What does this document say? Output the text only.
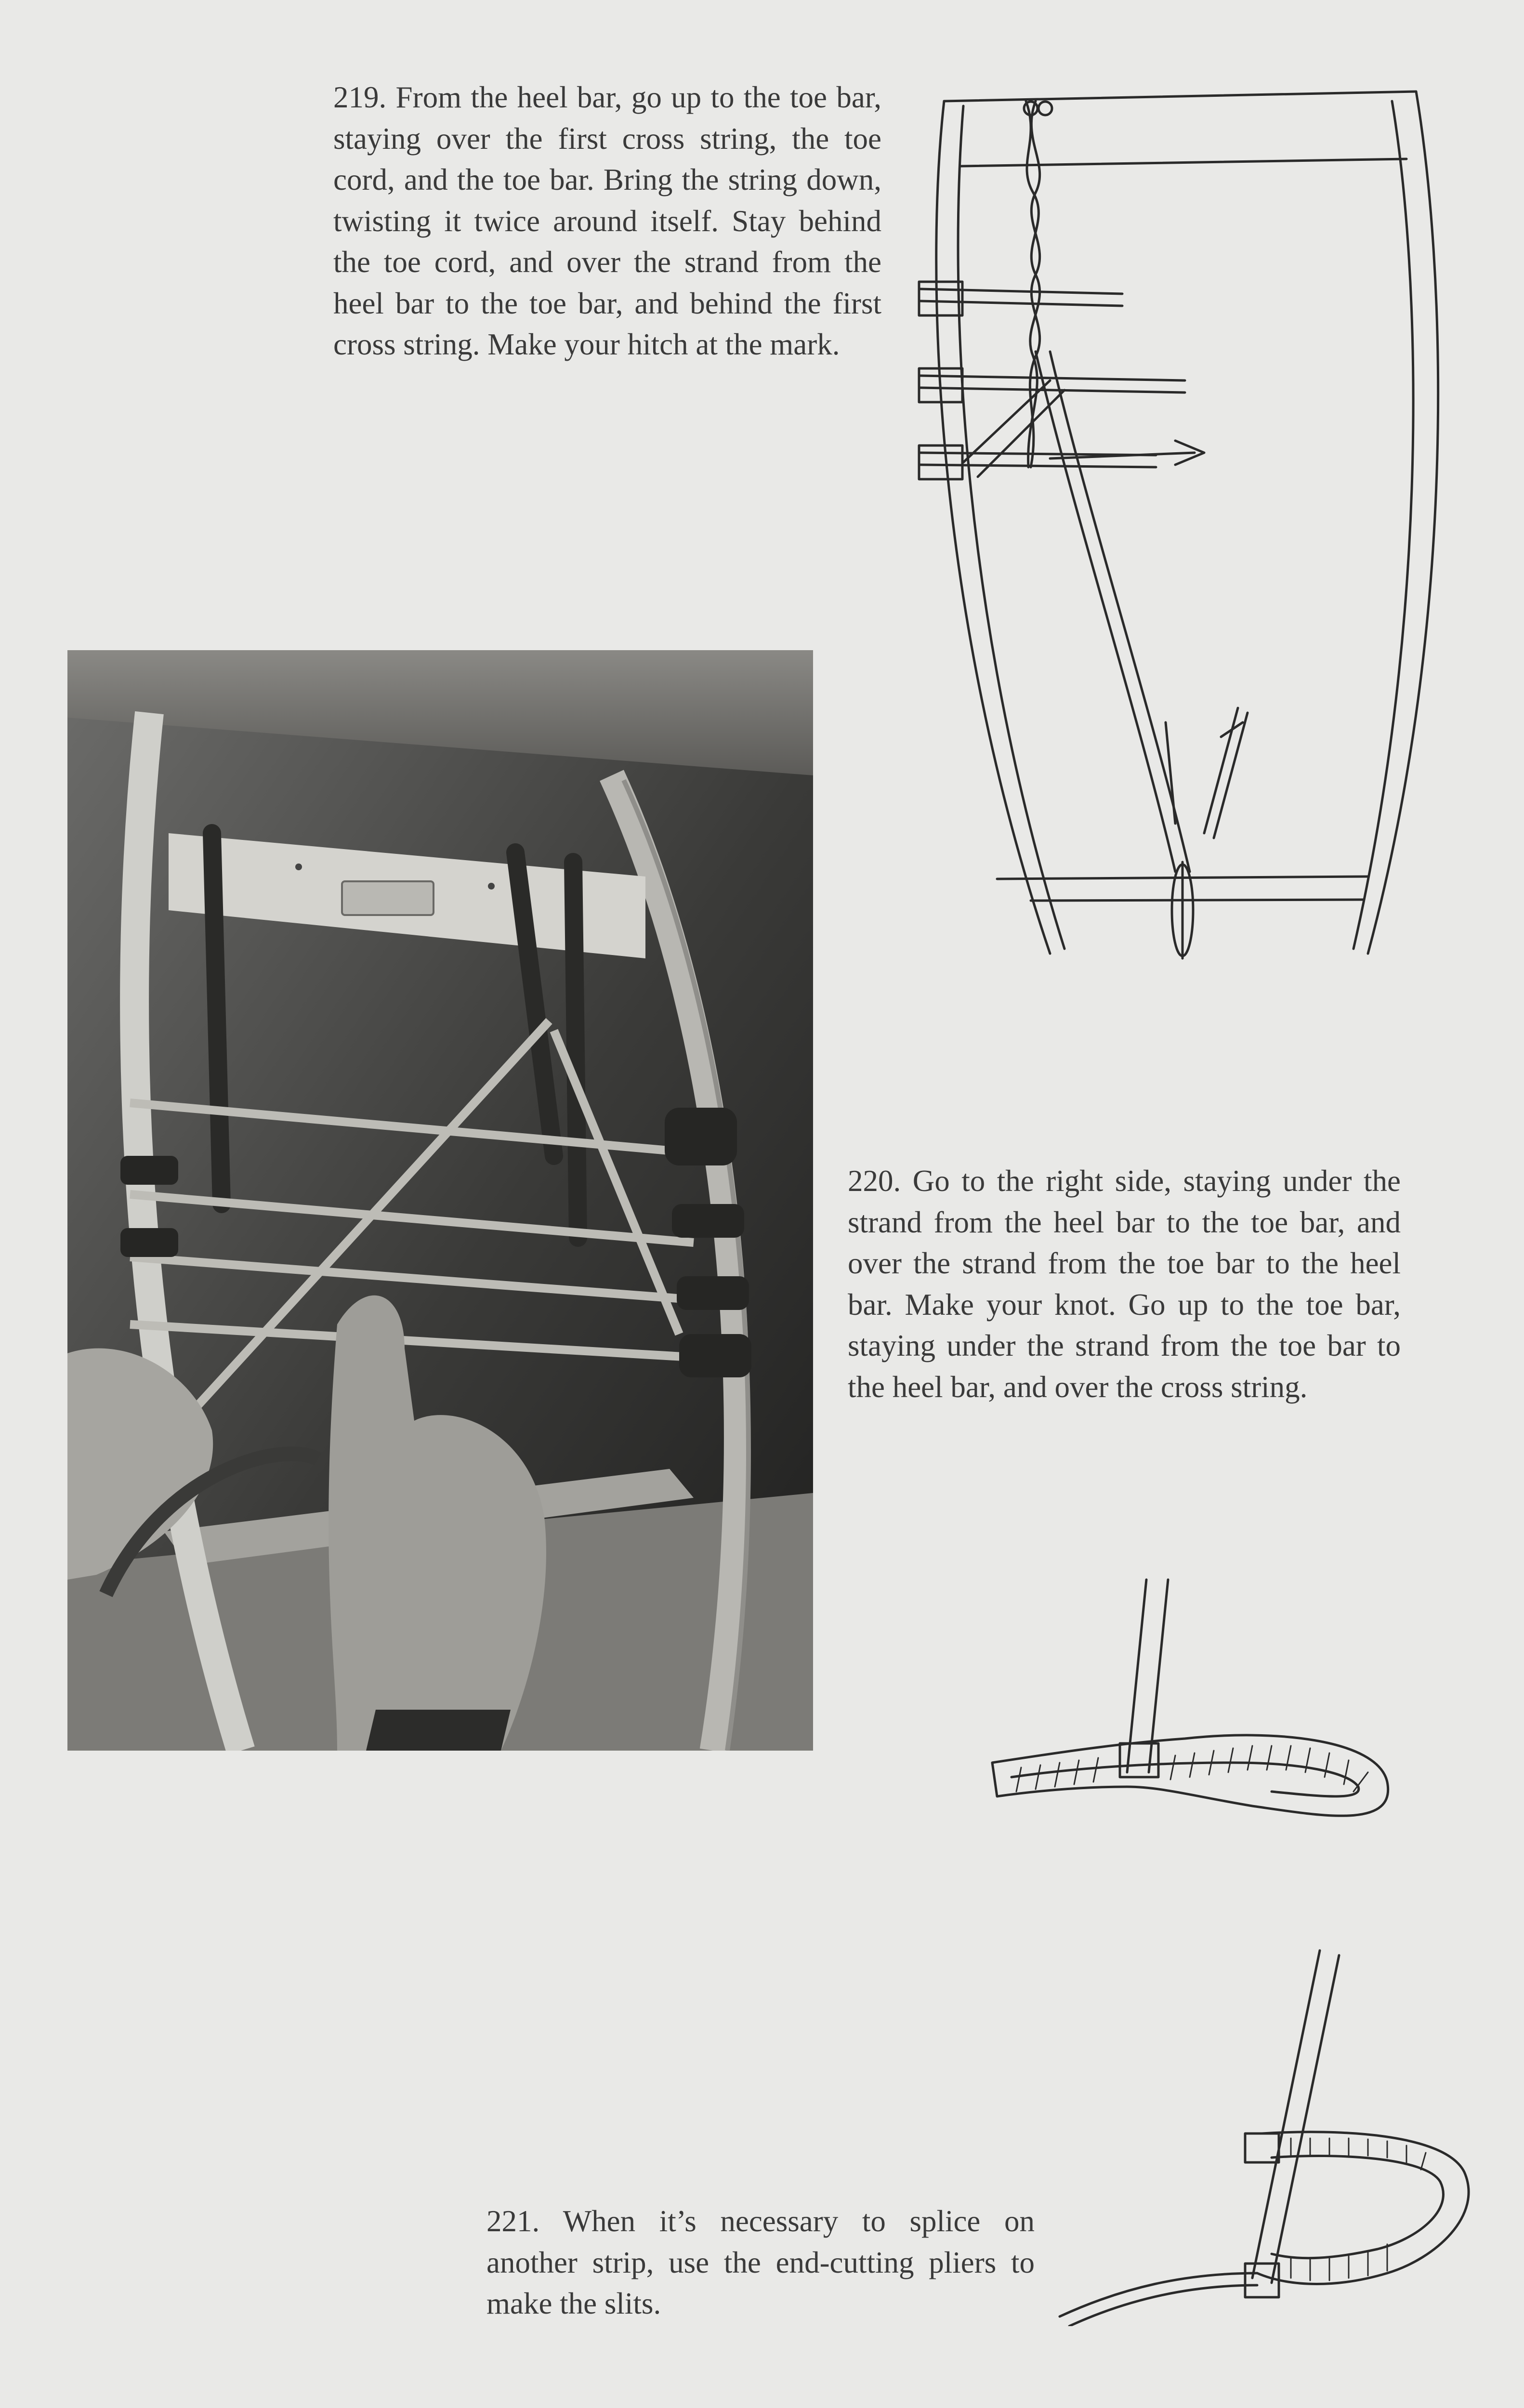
219. From the heel bar, go up to the toe bar, staying over the first cross string, the toe cord, and the toe bar. Bring the string down, twisting it twice around itself. Stay behind the toe cord, and over the strand from the heel bar to the toe bar, and behind the first cross string. Make your hitch at the mark.

220. Go to the right side, staying under the strand from the heel bar to the toe bar, and over the strand from the toe bar to the heel bar. Make your knot. Go up to the toe bar, staying under the strand from the toe bar to the heel bar, and over the cross string.

221. When it’s necessary to splice on another strip, use the end-cutting pliers to make the slits.
